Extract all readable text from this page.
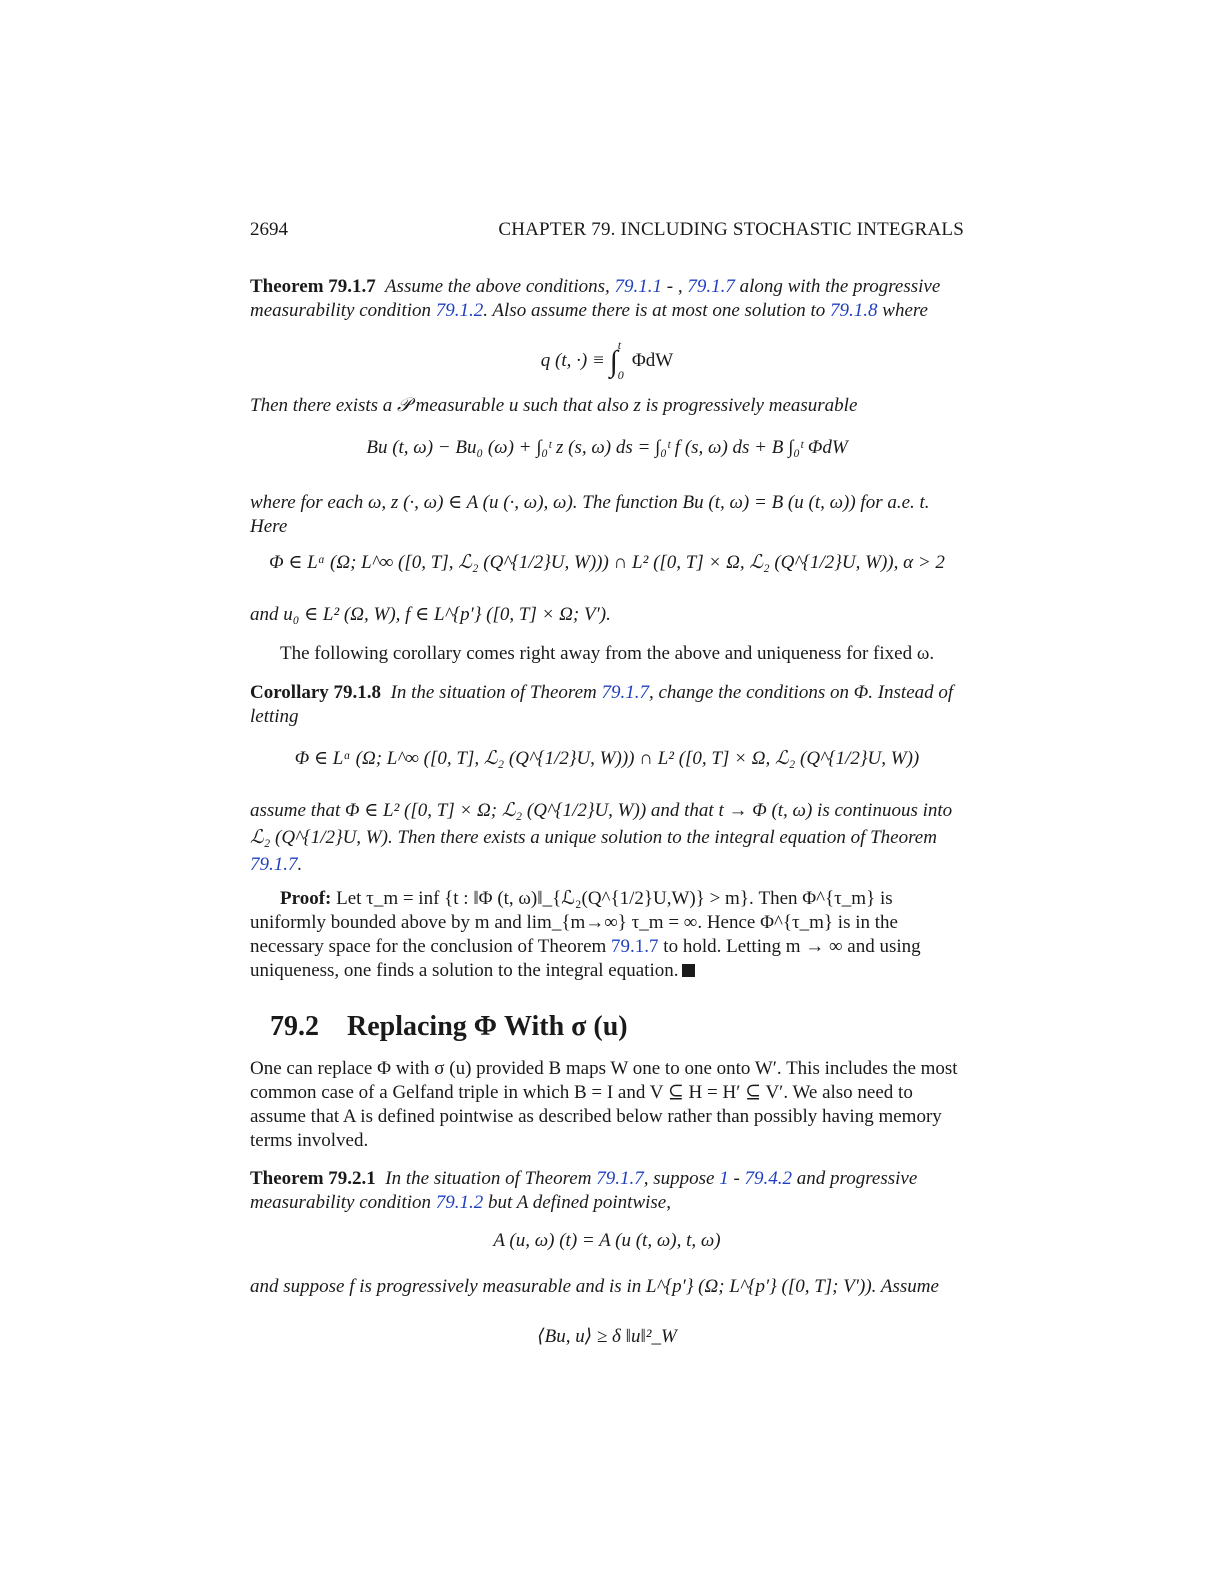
2694	CHAPTER 79. INCLUDING STOCHASTIC INTEGRALS
Theorem 79.1.7 Assume the above conditions, 79.1.1 - , 79.1.7 along with the progressive measurability condition 79.1.2. Also assume there is at most one solution to 79.1.8 where
q (t, ·) ≡ $\int_0^t$ ΦdW
Then there exists a 𝒫 measurable u such that also z is progressively measurable
Bu (t, ω) − Bu₀ (ω) + ∫₀ᵗ z (s, ω) ds = ∫₀ᵗ f (s, ω) ds + B ∫₀ᵗ ΦdW
where for each ω, z (·, ω) ∈ A (u (·, ω), ω). The function Bu (t, ω) = B (u (t, ω)) for a.e. t. Here
Φ ∈ Lᵅ (Ω; L^∞ ([0, T], ℒ₂ (Q^{1/2}U, W))) ∩ L² ([0, T] × Ω, ℒ₂ (Q^{1/2}U, W)), α > 2
and u₀ ∈ L² (Ω, W), f ∈ L^{p′} ([0, T] × Ω; V′).
The following corollary comes right away from the above and uniqueness for fixed ω.
Corollary 79.1.8 In the situation of Theorem 79.1.7, change the conditions on Φ. Instead of letting
Φ ∈ Lᵅ (Ω; L^∞ ([0, T], ℒ₂ (Q^{1/2}U, W))) ∩ L² ([0, T] × Ω, ℒ₂ (Q^{1/2}U, W))
assume that Φ ∈ L² ([0, T] × Ω; ℒ₂ (Q^{1/2}U, W)) and that t → Φ (t, ω) is continuous into ℒ₂ (Q^{1/2}U, W). Then there exists a unique solution to the integral equation of Theorem 79.1.7.
Proof: Let τ_m = inf {t : ‖Φ (t, ω)‖_{ℒ₂(Q^{1/2}U,W)} > m}. Then Φ^{τ_m} is uniformly bounded above by m and lim_{m→∞} τ_m = ∞. Hence Φ^{τ_m} is in the necessary space for the conclusion of Theorem 79.1.7 to hold. Letting m → ∞ and using uniqueness, one finds a solution to the integral equation.
79.2 Replacing Φ With σ (u)
One can replace Φ with σ (u) provided B maps W one to one onto W′. This includes the most common case of a Gelfand triple in which B = I and V ⊆ H = H′ ⊆ V′. We also need to assume that A is defined pointwise as described below rather than possibly having memory terms involved.
Theorem 79.2.1 In the situation of Theorem 79.1.7, suppose 1 - 79.4.2 and progressive measurability condition 79.1.2 but A defined pointwise,
A (u, ω) (t) = A (u (t, ω), t, ω)
and suppose f is progressively measurable and is in L^{p′} (Ω; L^{p′} ([0, T]; V′)). Assume
⟨Bu, u⟩ ≥ δ ‖u‖²_W
